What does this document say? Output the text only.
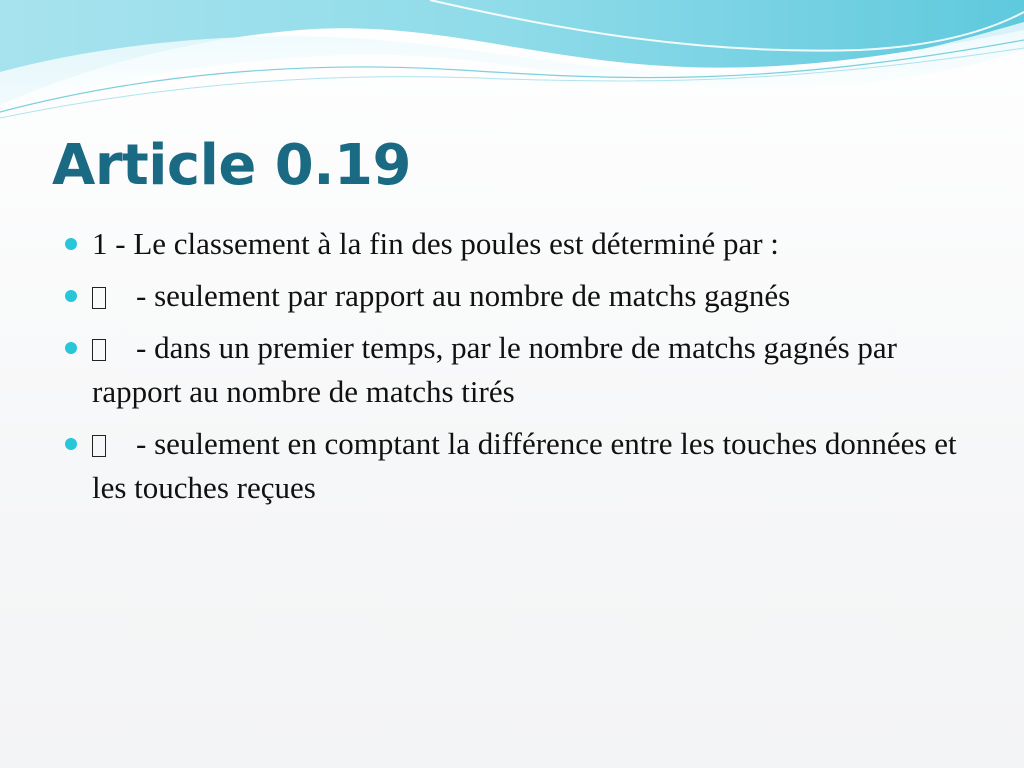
Article 0.19
1 - Le classement à la fin des poules est déterminé par :
- seulement par rapport au nombre de matchs gagnés
- dans un premier temps, par le nombre de matchs gagnés par rapport au nombre de matchs tirés
- seulement en comptant la différence entre les touches données et les touches reçues
